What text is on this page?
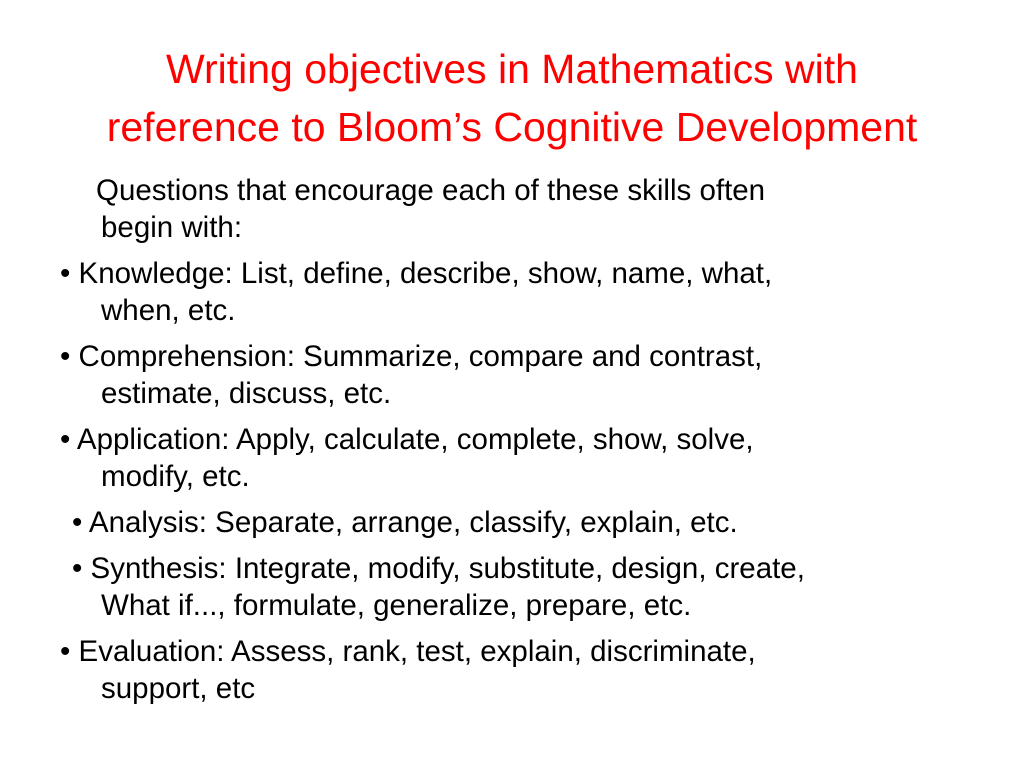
Writing objectives in Mathematics with
reference to Bloom’s Cognitive Development
Questions that encourage each of these skills often
begin with:
• Knowledge: List, define, describe, show, name, what,
when, etc.
• Comprehension: Summarize, compare and contrast,
estimate, discuss, etc.
• Application: Apply, calculate, complete, show, solve,
modify, etc.
• Analysis: Separate, arrange, classify, explain, etc.
• Synthesis: Integrate, modify, substitute, design, create,
What if..., formulate, generalize, prepare, etc.
• Evaluation: Assess, rank, test, explain, discriminate,
support, etc
